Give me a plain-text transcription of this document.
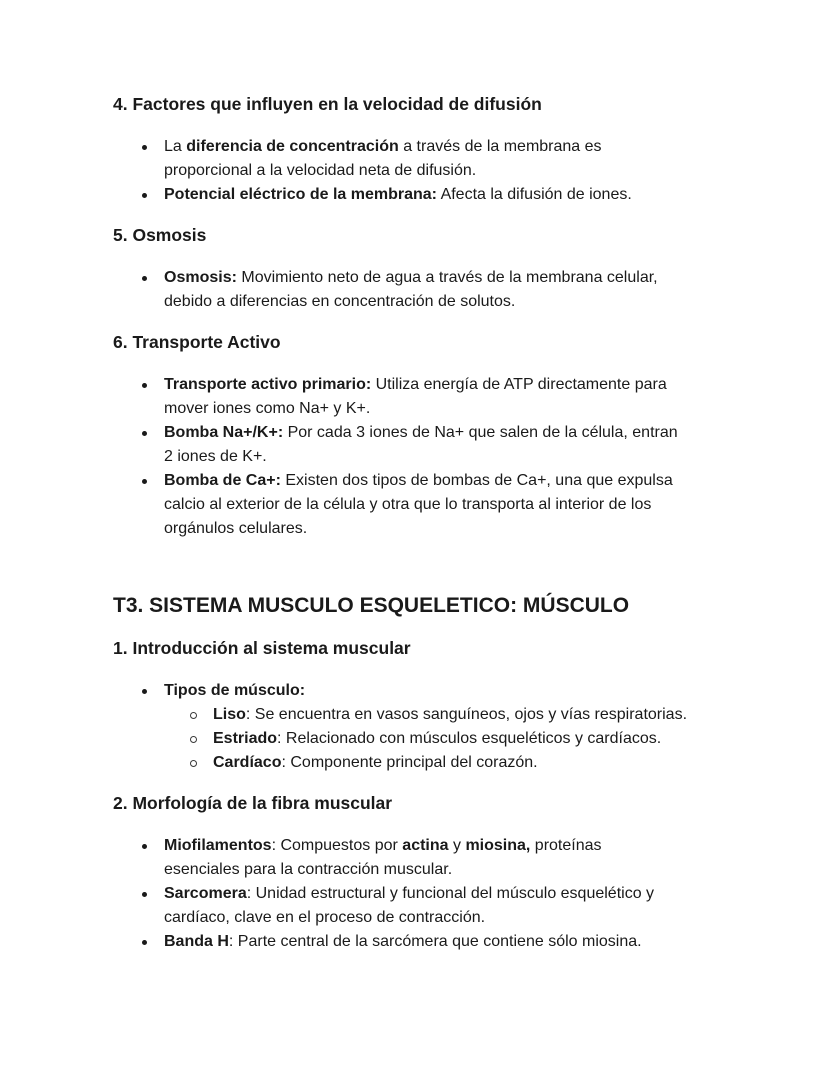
4. Factores que influyen en la velocidad de difusión
La diferencia de concentración a través de la membrana es
proporcional a la velocidad neta de difusión.
Potencial eléctrico de la membrana: Afecta la difusión de iones.
5. Osmosis
Osmosis: Movimiento neto de agua a través de la membrana celular,
debido a diferencias en concentración de solutos.
6. Transporte Activo
Transporte activo primario: Utiliza energía de ATP directamente para
mover iones como Na+ y K+.
Bomba Na+/K+: Por cada 3 iones de Na+ que salen de la célula, entran
2 iones de K+.
Bomba de Ca+: Existen dos tipos de bombas de Ca+, una que expulsa
calcio al exterior de la célula y otra que lo transporta al interior de los
orgánulos celulares.
T3. SISTEMA MUSCULO ESQUELETICO: MÚSCULO
1. Introducción al sistema muscular
Tipos de músculo:
Liso: Se encuentra en vasos sanguíneos, ojos y vías respiratorias.
Estriado: Relacionado con músculos esqueléticos y cardíacos.
Cardíaco: Componente principal del corazón.
2. Morfología de la fibra muscular
Miofilamentos: Compuestos por actina y miosina, proteínas
esenciales para la contracción muscular.
Sarcomera: Unidad estructural y funcional del músculo esquelético y
cardíaco, clave en el proceso de contracción.
Banda H: Parte central de la sarcómera que contiene sólo miosina.
